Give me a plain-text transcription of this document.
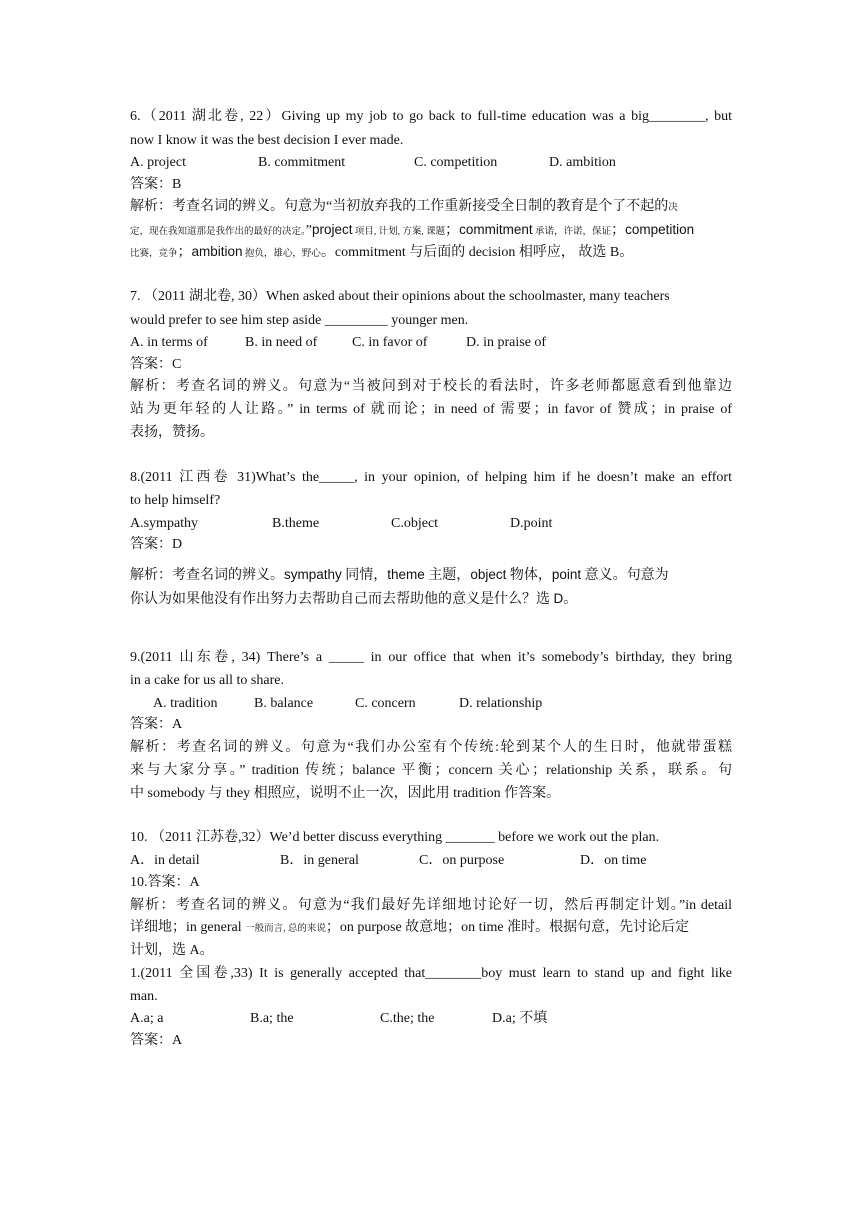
6.（2011 湖北卷, 22）Giving up my job to go back to full-time education was a big________, but
now I know it was the best decision I ever made.
A. project	B. commitment	C. competition	D. ambition
答案：B
解析：考查名词的辨义。句意为“当初放弃我的工作重新接受全日制的教育是个了不起的决
定，现在我知道那是我作出的最好的决定。”project 项目, 计划, 方案, 课题；commitment 承诺，许诺，保证；competition
比赛，竞争；ambition 抱负，雄心，野心。commitment 与后面的 decision 相呼应， 故选 B。
7. （2011 湖北卷, 30）When asked about their opinions about the schoolmaster, many teachers
would prefer to see him step aside _________ younger men.
A. in terms of	B. in need of C. in favor of	D. in praise of
答案：C
解析：考查名词的辨义。句意为“当被问到对于校长的看法时，许多老师都愿意看到他靠边
站为更年轻的人让路。” in terms of 就而论；in need of 需要；in favor of 赞成；in praise of
表扬，赞扬。
8.(2011 江西卷 31)What’s the_____, in your opinion, of helping him if he doesn’t make an effort
to help himself?
A.sympathy	B.theme	C.object	D.point
答案：D
解析：考查名词的辨义。sympathy 同情，theme 主题，object 物体，point 意义。句意为
你认为如果他没有作出努力去帮助自己而去帮助他的意义是什么？选 D。
9.(2011 山东卷, 34) There’s a _____ in our office that when it’s somebody’s birthday, they bring
in a cake for us all to share.
A. tradition	B. balance	C. concern	D. relationship
答案：A
解析：考查名词的辨义。句意为“我们办公室有个传统:轮到某个人的生日时，他就带蛋糕
来与大家分享。” tradition 传统；balance 平衡；concern 关心；relationship 关系，联系。句
中 somebody 与 they 相照应，说明不止一次，因此用 tradition 作答案。
10. （2011 江苏卷,32）We’d better discuss everything _______ before we work out the plan.
A．in detail	B．in general	C．on purpose	D．on time
10.答案：A
解析：考查名词的辨义。句意为“我们最好先详细地讨论好一切，然后再制定计划。”in detail
详细地；in general 一般而言, 总的来说；on purpose 故意地；on time 准时。根据句意，先讨论后定
计划，选 A。
1.(2011 全国卷,33) It is generally accepted that________boy must learn to stand up and fight like
man.
A.a; a	B.a; the	C.the; the	D.a; 不填
答案：A
